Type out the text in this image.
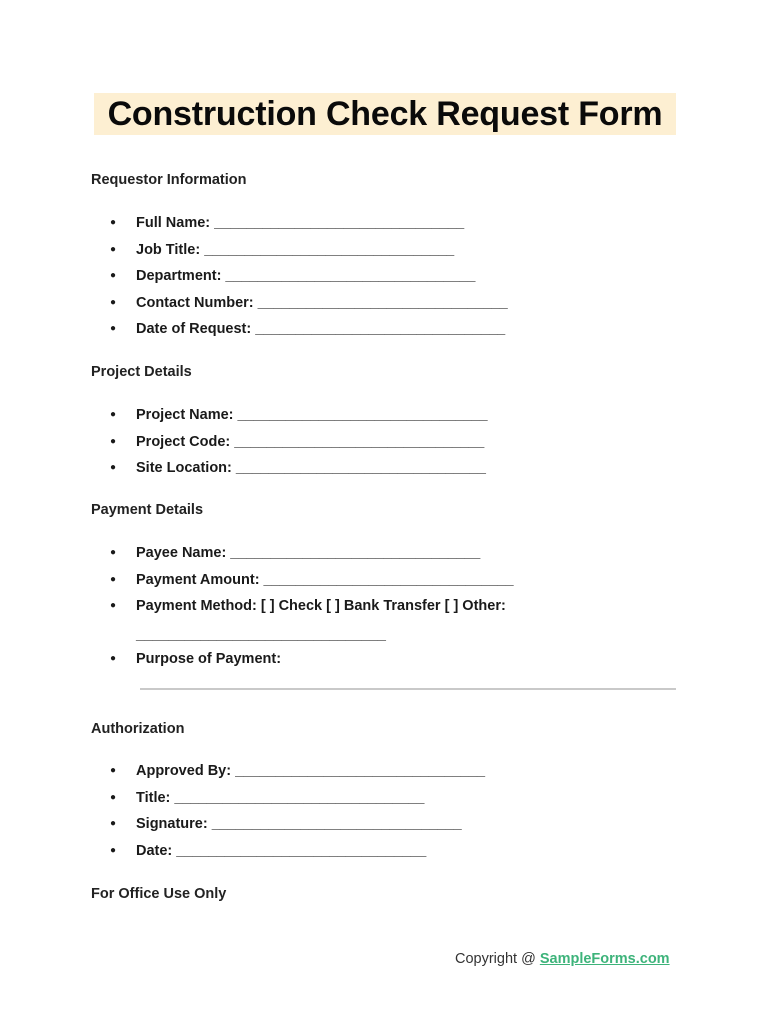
Construction Check Request Form
Requestor Information
● Full Name: _______________________________
● Job Title: _______________________________
● Department: _______________________________
● Contact Number: _______________________________
● Date of Request: _______________________________
Project Details
● Project Name: _______________________________
● Project Code: _______________________________
● Site Location: _______________________________
Payment Details
● Payee Name: _______________________________
● Payment Amount: _______________________________
● Payment Method: [ ] Check [ ] Bank Transfer [ ] Other:
_______________________________
● Purpose of Payment:
Authorization
● Approved By: _______________________________
● Title: _______________________________
● Signature: _______________________________
● Date: _______________________________
For Office Use Only
Copyright @ SampleForms.com
